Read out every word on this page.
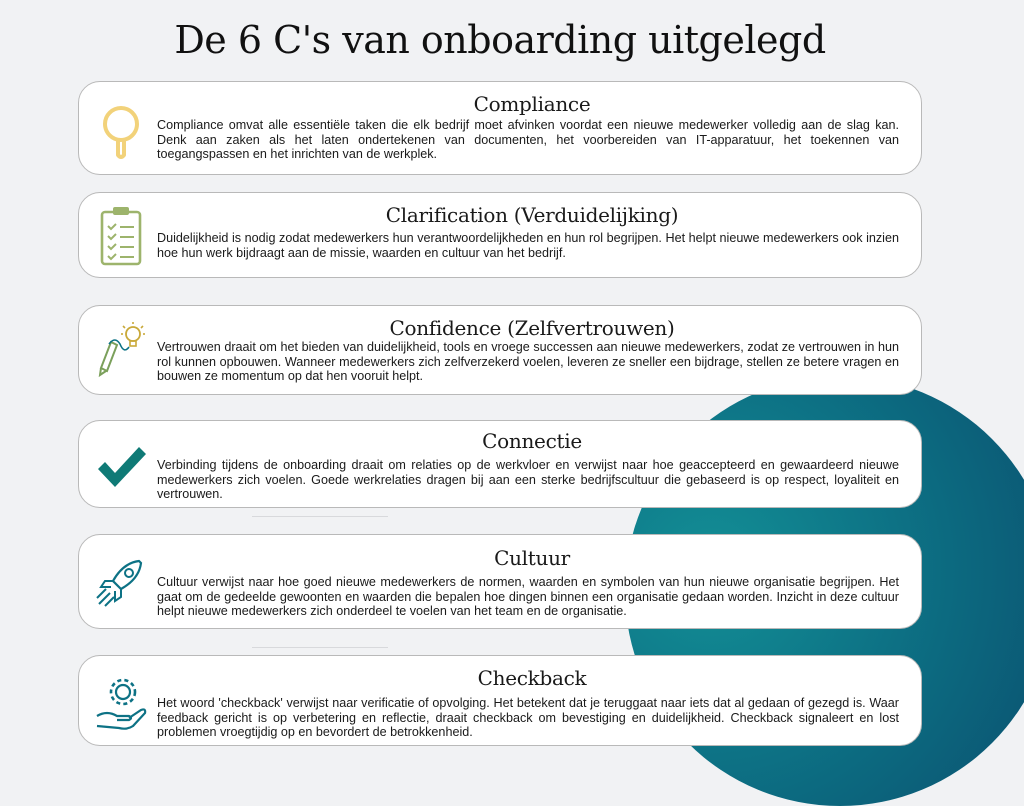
De 6 C's van onboarding uitgelegd
Compliance

Compliance omvat alle essentiële taken die elk bedrijf moet afvinken voordat een nieuwe medewerker volledig aan de slag kan. Denk aan zaken als het laten ondertekenen van documenten, het voorbereiden van IT-apparatuur, het toekennen van toegangspassen en het inrichten van de werkplek.

Clarification (Verduidelijking)

Duidelijkheid is nodig zodat medewerkers hun verantwoordelijkheden en hun rol begrijpen. Het helpt nieuwe medewerkers ook inzien hoe hun werk bijdraagt aan de missie, waarden en cultuur van het bedrijf.

Confidence (Zelfvertrouwen)

Vertrouwen draait om het bieden van duidelijkheid, tools en vroege successen aan nieuwe medewerkers, zodat ze vertrouwen in hun rol kunnen opbouwen. Wanneer medewerkers zich zelfverzekerd voelen, leveren ze sneller een bijdrage, stellen ze betere vragen en bouwen ze momentum op dat hen vooruit helpt.

Connectie

Verbinding tijdens de onboarding draait om relaties op de werkvloer en verwijst naar hoe geaccepteerd en gewaardeerd nieuwe medewerkers zich voelen. Goede werkrelaties dragen bij aan een sterke bedrijfscultuur die gebaseerd is op respect, loyaliteit en vertrouwen.

Cultuur

Cultuur verwijst naar hoe goed nieuwe medewerkers de normen, waarden en symbolen van hun nieuwe organisatie begrijpen. Het gaat om de gedeelde gewoonten en waarden die bepalen hoe dingen binnen een organisatie gedaan worden. Inzicht in deze cultuur helpt nieuwe medewerkers zich onderdeel te voelen van het team en de organisatie.

Checkback

Het woord 'checkback' verwijst naar verificatie of opvolging. Het betekent dat je teruggaat naar iets dat al gedaan of gezegd is. Waar feedback gericht is op verbetering en reflectie, draait checkback om bevestiging en duidelijkheid. Checkback signaleert en lost problemen vroegtijdig op en bevordert de betrokkenheid.
